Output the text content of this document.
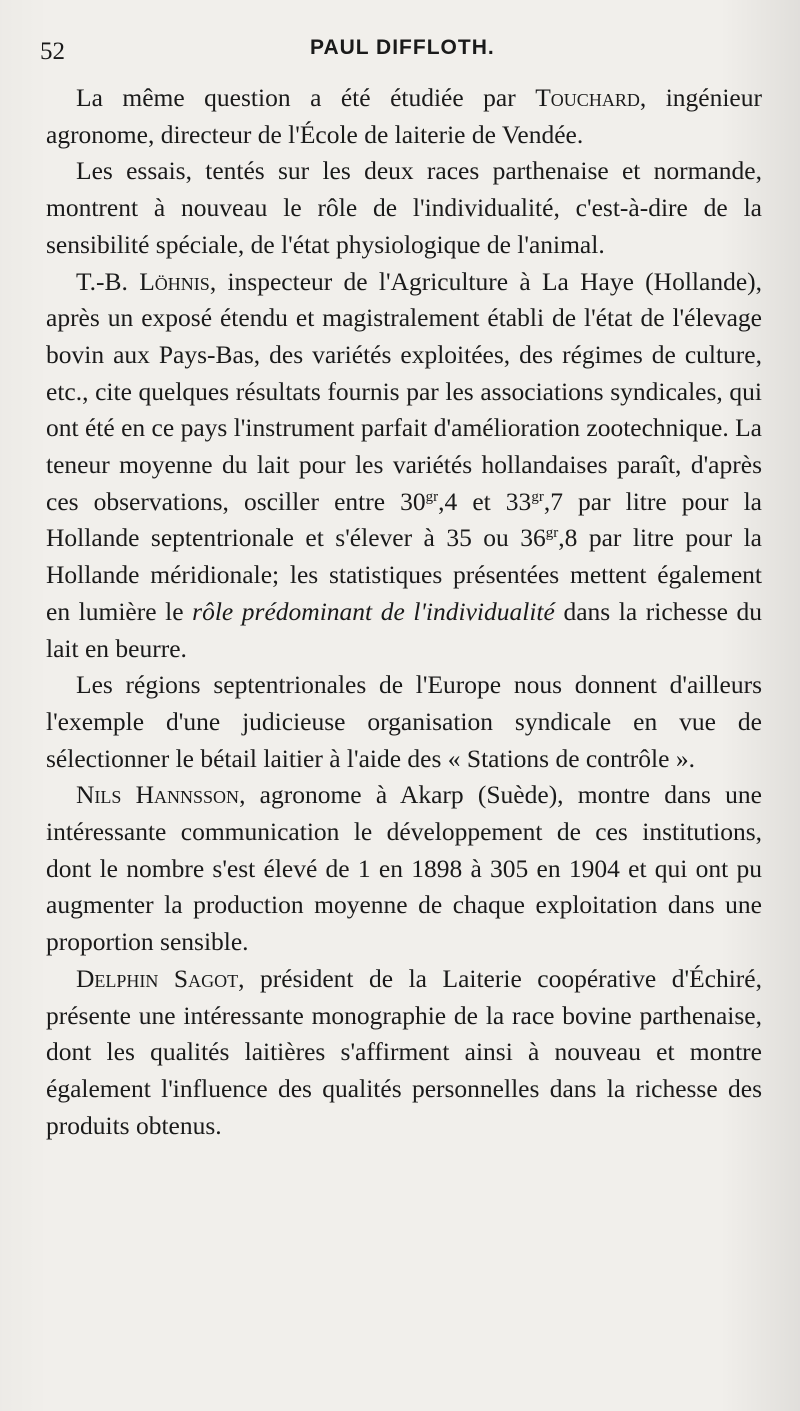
52	PAUL DIFFLOTH.

La même question a été étudiée par Touchard, ingénieur agronome, directeur de l'École de laiterie de Vendée.

Les essais, tentés sur les deux races parthenaise et normande, montrent à nouveau le rôle de l'individualité, c'est-à-dire de la sensibilité spéciale, de l'état physiologique de l'animal.

T.-B. Löhnis, inspecteur de l'Agriculture à La Haye (Hollande), après un exposé étendu et magistralement établi de l'état de l'élevage bovin aux Pays-Bas, des variétés exploitées, des régimes de culture, etc., cite quelques résultats fournis par les associations syndicales, qui ont été en ce pays l'instrument parfait d'amélioration zootechnique. La teneur moyenne du lait pour les variétés hollandaises paraît, d'après ces observations, osciller entre $30^{gr},4$ et $33^{gr},7$ par litre pour la Hollande septentrionale et s'élever à 35 ou $36^{gr},8$ par litre pour la Hollande méridionale; les statistiques présentées mettent également en lumière le rôle prédominant de l'individualité dans la richesse du lait en beurre.

Les régions septentrionales de l'Europe nous donnent d'ailleurs l'exemple d'une judicieuse organisation syndicale en vue de sélectionner le bétail laitier à l'aide des « Stations de contrôle ».

Nils Hannsson, agronome à Akarp (Suède), montre dans une intéressante communication le développement de ces institutions, dont le nombre s'est élevé de 1 en 1898 à 305 en 1904 et qui ont pu augmenter la production moyenne de chaque exploitation dans une proportion sensible.

Delphin Sagot, président de la Laiterie coopérative d'Échiré, présente une intéressante monographie de la race bovine parthenaise, dont les qualités laitières s'affirment ainsi à nouveau et montre également l'influence des qualités personnelles dans la richesse des produits obtenus.
